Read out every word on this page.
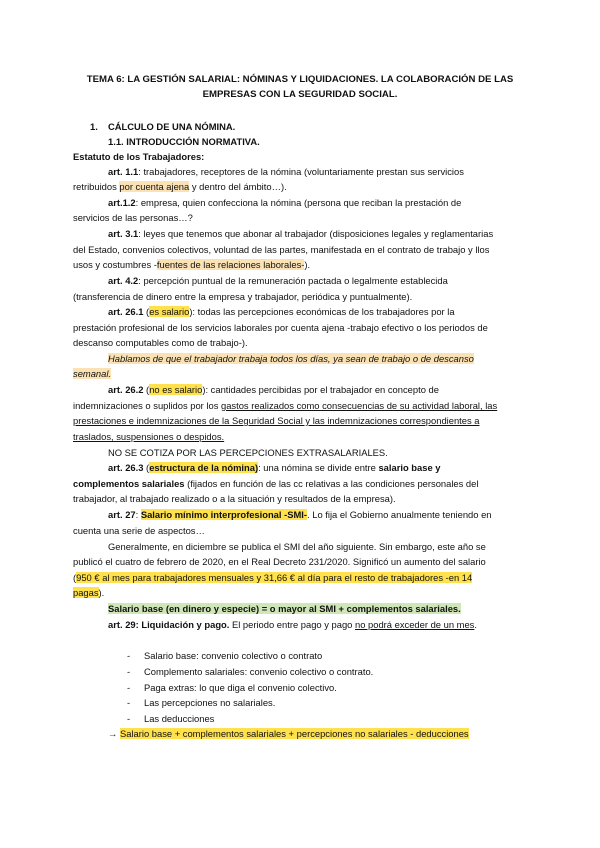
TEMA 6: LA GESTIÓN SALARIAL: NÓMINAS Y LIQUIDACIONES. LA COLABORACIÓN DE LAS
EMPRESAS CON LA SEGURIDAD SOCIAL.
1. CÁLCULO DE UNA NÓMINA.
1.1. INTRODUCCIÓN NORMATIVA.
Estatuto de los Trabajadores:
art. 1.1: trabajadores, receptores de la nómina (voluntariamente prestan sus servicios
retribuidos por cuenta ajena y dentro del ámbito…).
art.1.2: empresa, quien confecciona la nómina (persona que reciban la prestación de
servicios de las personas…?
art. 3.1: leyes que tenemos que abonar al trabajador (disposiciones legales y reglamentarias
del Estado, convenios colectivos, voluntad de las partes, manifestada en el contrato de trabajo y llos
usos y costumbres -fuentes de las relaciones laborales-).
art. 4.2: percepción puntual de la remuneración pactada o legalmente establecida
(transferencia de dinero entre la empresa y trabajador, periódica y puntualmente).
art. 26.1 (es salario): todas las percepciones económicas de los trabajadores por la
prestación profesional de los servicios laborales por cuenta ajena -trabajo efectivo o los periodos de
descanso computables como de trabajo-).
Hablamos de que el trabajador trabaja todos los días, ya sean de trabajo o de descanso
semanal.
art. 26.2 (no es salario): cantidades percibidas por el trabajador en concepto de
indemnizaciones o suplidos por los gastos realizados como consecuencias de su actividad laboral, las
prestaciones e indemnizaciones de la Seguridad Social y las indemnizaciones correspondientes a
traslados, suspensiones o despidos.
NO SE COTIZA POR LAS PERCEPCIONES EXTRASALARIALES.
art. 26.3 (estructura de la nómina): una nómina se divide entre salario base y
complementos salariales (fijados en función de las cc relativas a las condiciones personales del
trabajador, al trabajado realizado o a la situación y resultados de la empresa).
art. 27: Salario mínimo interprofesional -SMI-. Lo fija el Gobierno anualmente teniendo en
cuenta una serie de aspectos…
Generalmente, en diciembre se publica el SMI del año siguiente. Sin embargo, este año se
publicó el cuatro de febrero de 2020, en el Real Decreto 231/2020. Significó un aumento del salario
(950 € al mes para trabajadores mensuales y 31,66 € al día para el resto de trabajadores -en 14
pagas).
Salario base (en dinero y especie) = o mayor al SMI + complementos salariales.
art. 29: Liquidación y pago. El periodo entre pago y pago no podrá exceder de un mes.
- Salario base: convenio colectivo o contrato
- Complemento salariales: convenio colectivo o contrato.
- Paga extras: lo que diga el convenio colectivo.
- Las percepciones no salariales.
- Las deducciones
→ Salario base + complementos salariales + percepciones no salariales - deducciones
